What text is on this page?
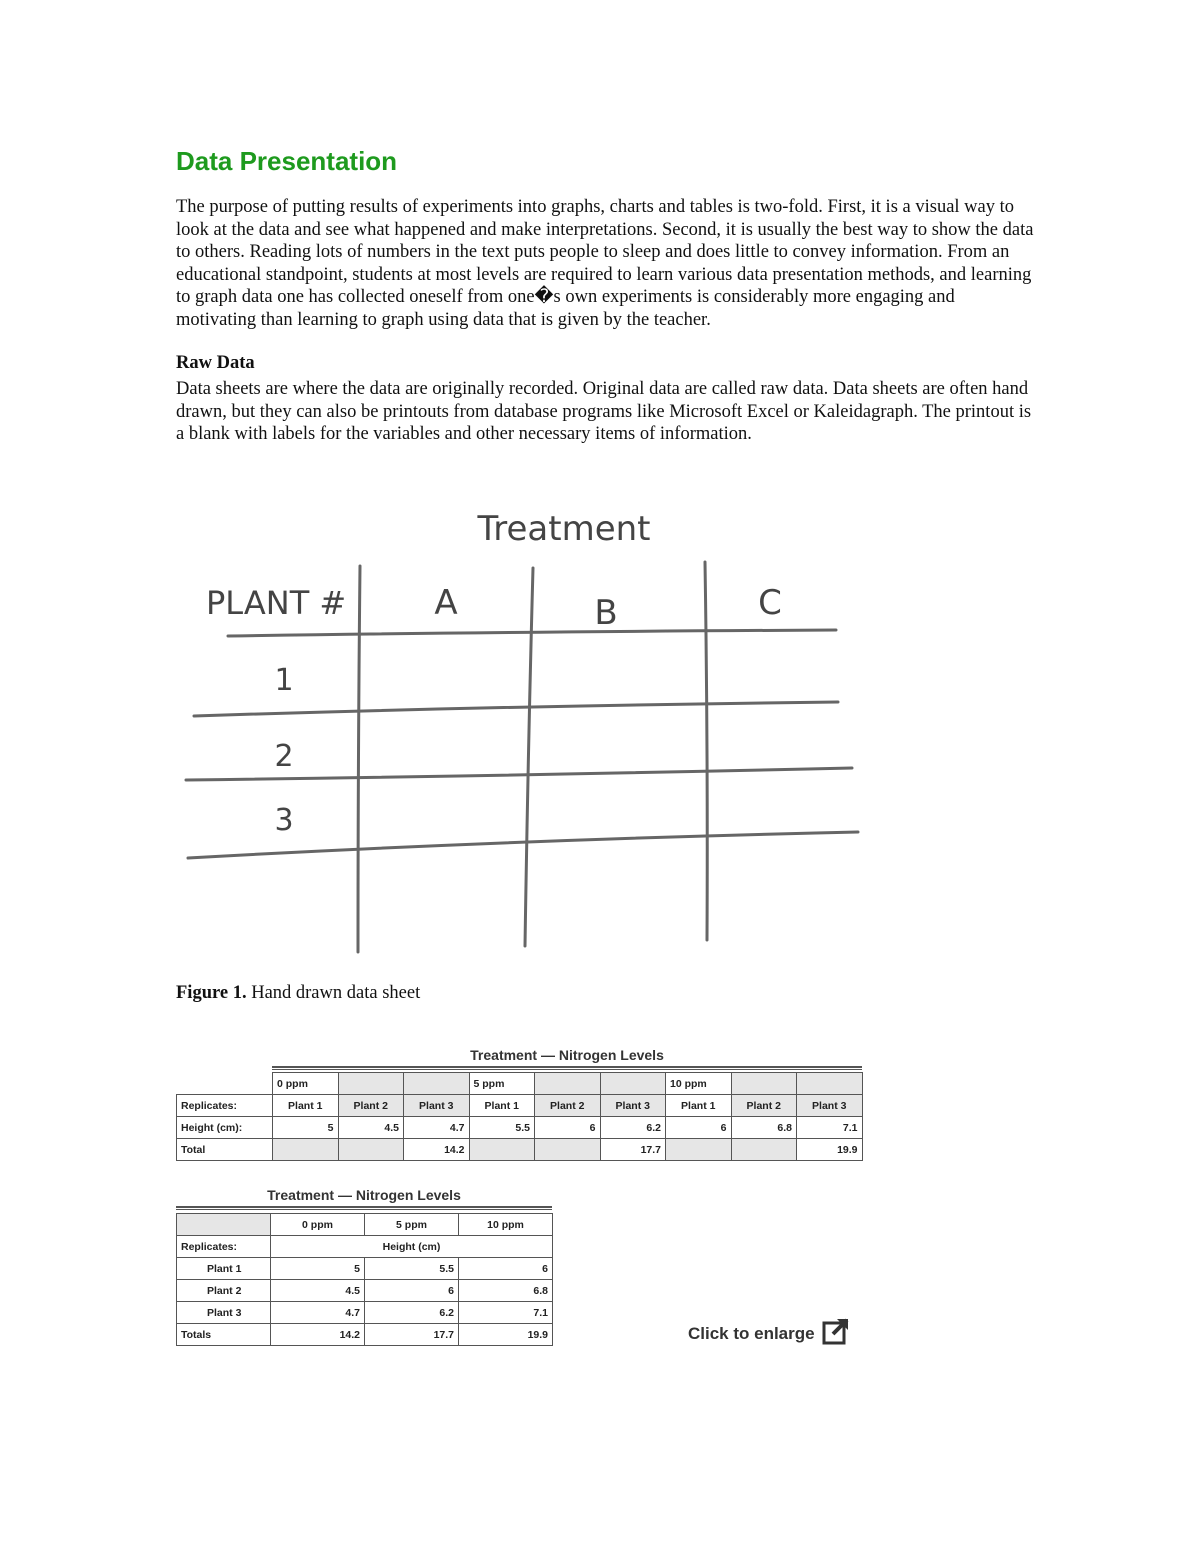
Data Presentation

The purpose of putting results of experiments into graphs, charts and tables is two-fold. First, it is a visual way to look at the data and see what happened and make interpretations. Second, it is usually the best way to show the data to others. Reading lots of numbers in the text puts people to sleep and does little to convey information. From an educational standpoint, students at most levels are required to learn various data presentation methods, and learning to graph data one has collected oneself from one�s own experiments is considerably more engaging and motivating than learning to graph using data that is given by the teacher.

Raw Data

Data sheets are where the data are originally recorded. Original data are called raw data. Data sheets are often hand drawn, but they can also be printouts from database programs like Microsoft Excel or Kaleidagraph. The printout is a blank with labels for the variables and other necessary items of information.

Treatment
PLANT #	A	B	C
1
2
3

Figure 1. Hand drawn data sheet

Treatment — Nitrogen Levels
	0 ppm			5 ppm			10 ppm		
Replicates:	Plant 1	Plant 2	Plant 3	Plant 1	Plant 2	Plant 3	Plant 1	Plant 2	Plant 3
Height (cm):	5	4.5	4.7	5.5	6	6.2	6	6.8	7.1
Total			14.2			17.7			19.9
Treatment — Nitrogen Levels
	0 ppm	5 ppm	10 ppm
Replicates:	Height (cm)		
Plant 1	5	5.5	6
Plant 2	4.5	6	6.8
Plant 3	4.7	6.2	7.1
Totals	14.2	17.7	19.9	Click to enlarge
